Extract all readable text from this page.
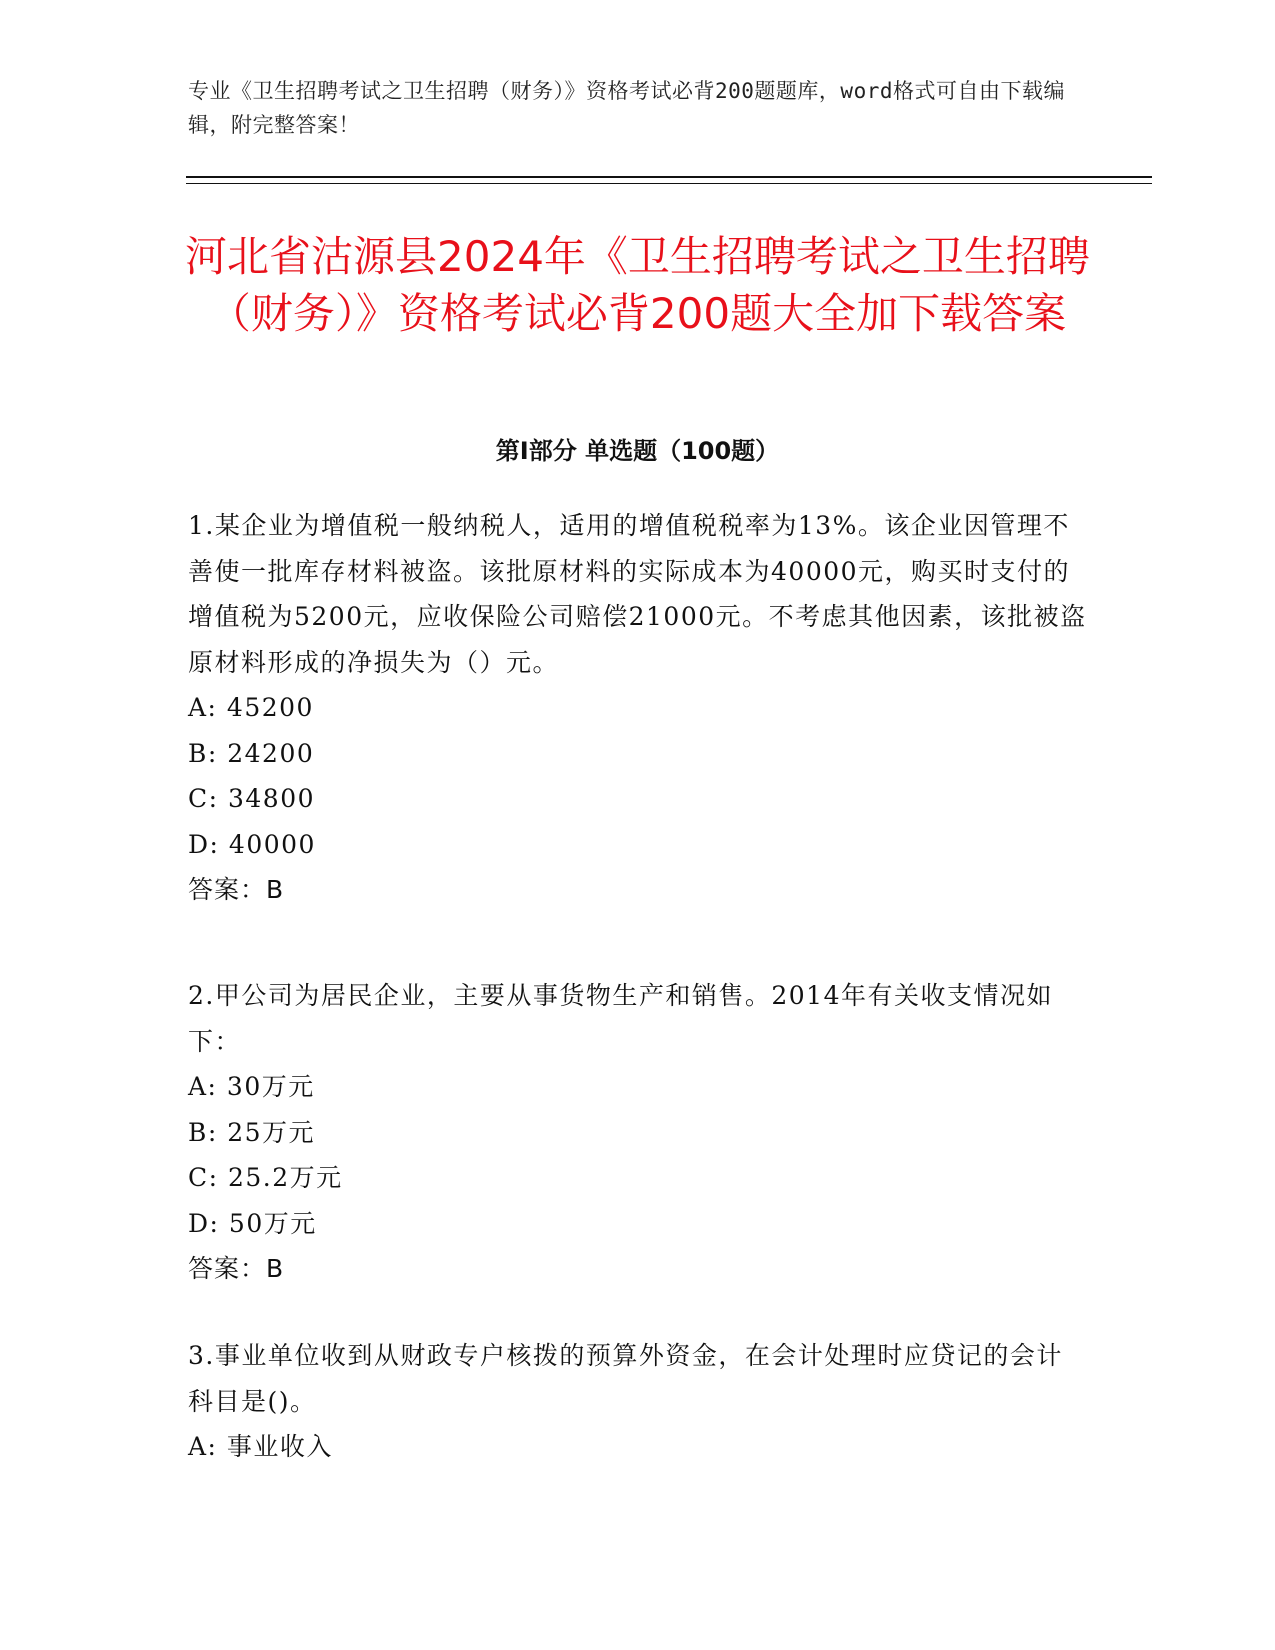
专业《卫生招聘考试之卫生招聘（财务）》资格考试必背200题题库，word格式可自由下载编辑，附完整答案！
河北省沽源县2024年《卫生招聘考试之卫生招聘（财务）》资格考试必背200题大全加下载答案
第I部分 单选题（100题）

1.某企业为增值税一般纳税人，适用的增值税税率为13%。该企业因管理不善使一批库存材料被盗。该批原材料的实际成本为40000元，购买时支付的增值税为5200元，应收保险公司赔偿21000元。不考虑其他因素，该批被盗原材料形成的净损失为（）元。

A: 45200

B: 24200

C: 34800

D: 40000

答案：B

2.甲公司为居民企业，主要从事货物生产和销售。2014年有关收支情况如下：

A: 30万元

B: 25万元

C: 25.2万元

D: 50万元

答案：B

3.事业单位收到从财政专户核拨的预算外资金，在会计处理时应贷记的会计科目是()。

A: 事业收入
